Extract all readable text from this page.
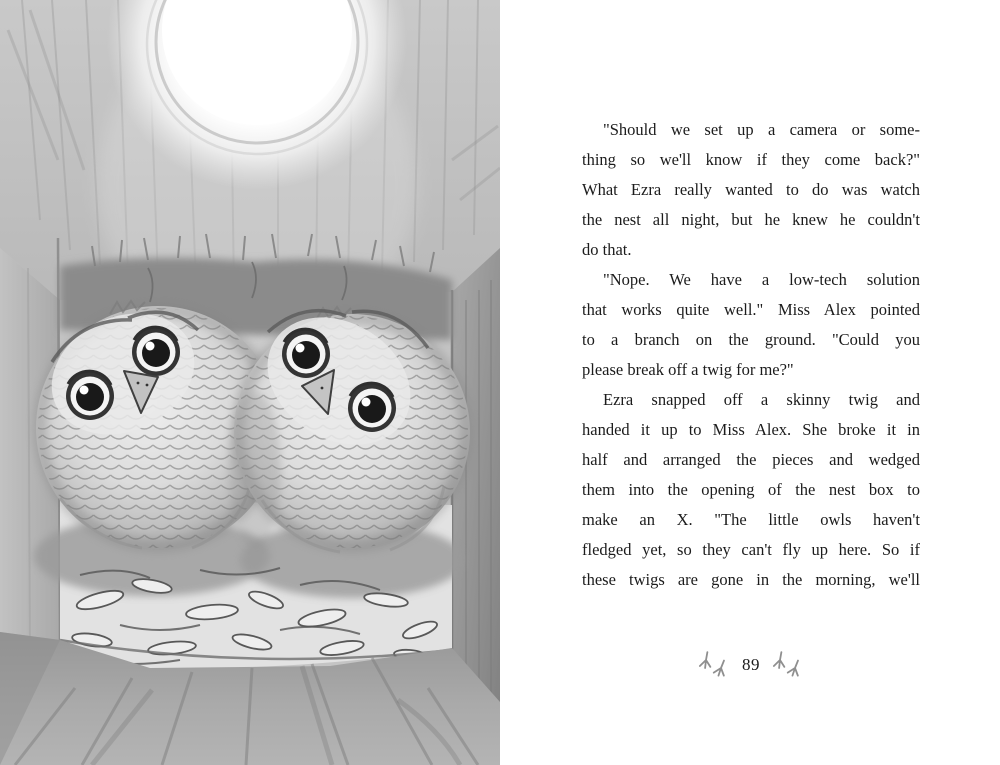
"Should we set up a camera or some-
thing so we'll know if they come back?"
What Ezra really wanted to do was watch
the nest all night, but he knew he couldn't
do that.
"Nope. We have a low-tech solution
that works quite well." Miss Alex pointed
to a branch on the ground. "Could you
please break off a twig for me?"
Ezra snapped off a skinny twig and
handed it up to Miss Alex. She broke it in
half and arranged the pieces and wedged
them into the opening of the nest box to
make an X. "The little owls haven't
fledged yet, so they can't fly up here. So if
these twigs are gone in the morning, we'll
89
